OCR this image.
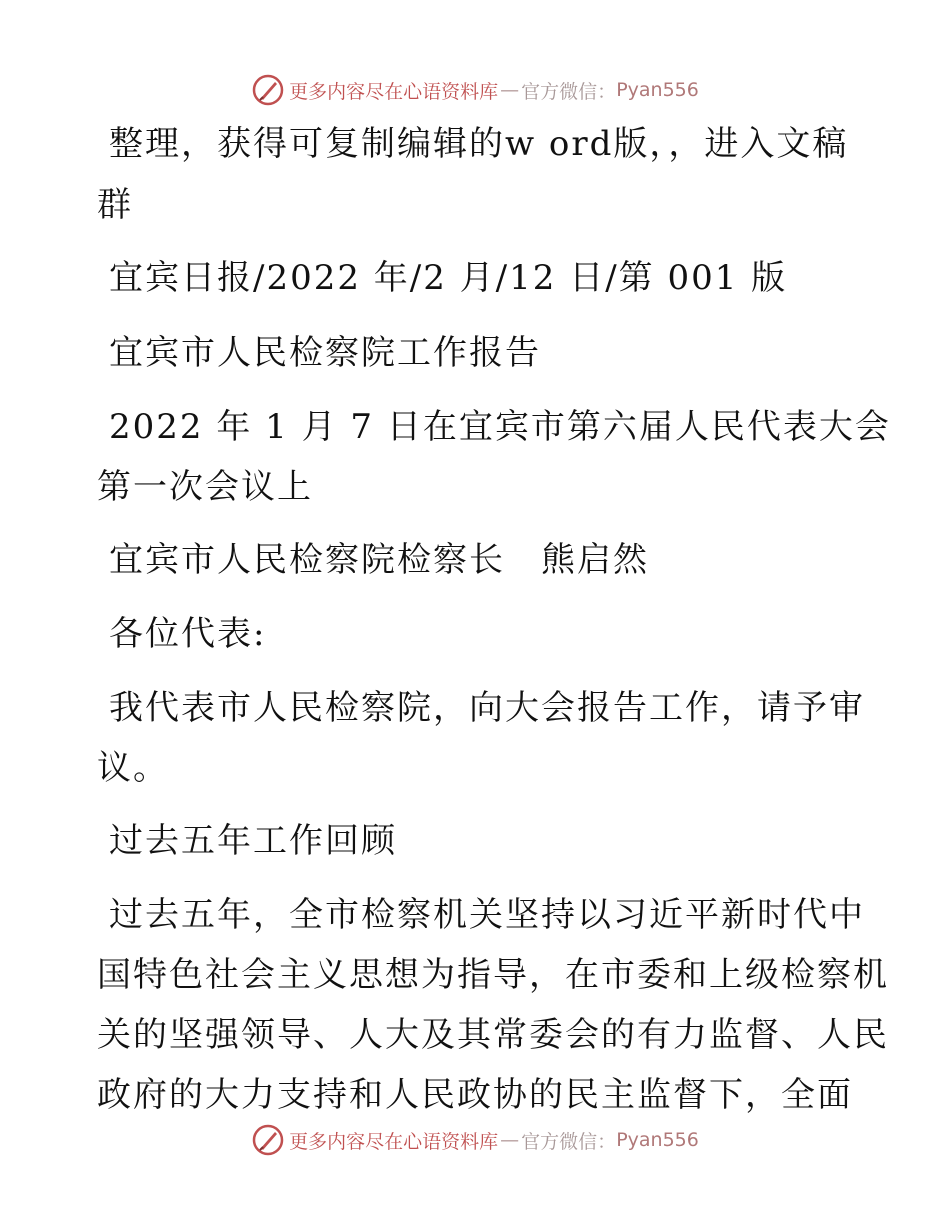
更多内容尽在心语资料库 — 官方微信： Pyan556
整理，获得可复制编辑的w ord版，，进入文稿
群
宜宾日报/2022 年/2 月/12 日/第 001 版
宜宾市人民检察院工作报告
2022 年 1 月 7 日在宜宾市第六届人民代表大会
第一次会议上
宜宾市人民检察院检察长　熊启然
各位代表:
我代表市人民检察院，向大会报告工作，请予审
议。
过去五年工作回顾
过去五年，全市检察机关坚持以习近平新时代中
国特色社会主义思想为指导，在市委和上级检察机
关的坚强领导、人大及其常委会的有力监督、人民
政府的大力支持和人民政协的民主监督下，全面
更多内容尽在心语资料库 — 官方微信： Pyan556
